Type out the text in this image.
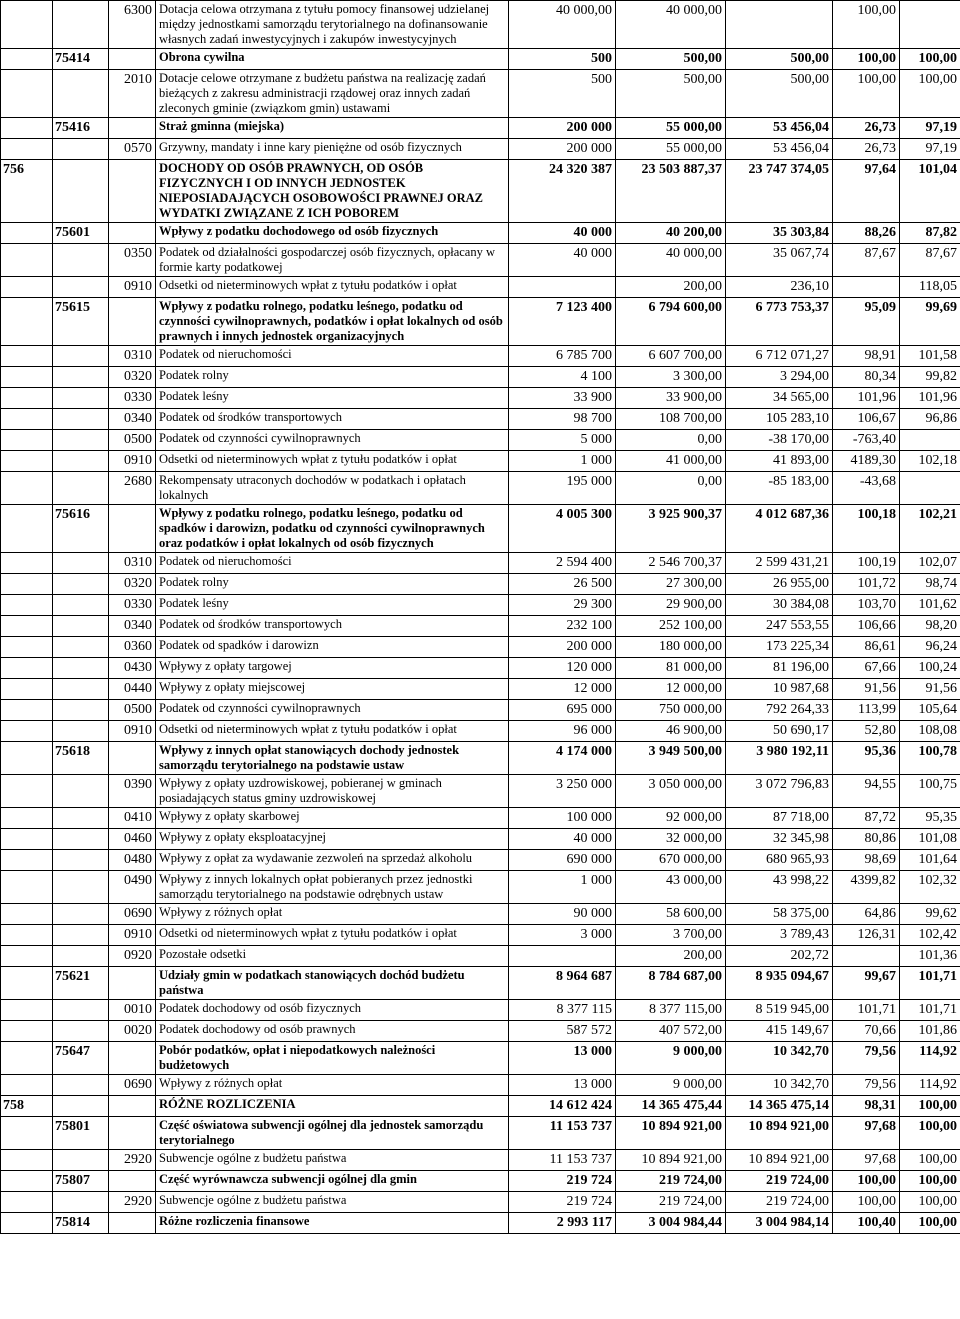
		6300	Dotacja celowa otrzymana z tytułu pomocy finansowej udzielanej między jednostkami samorządu terytorialnego na dofinansowanie własnych zadań inwestycyjnych i zakupów inwestycyjnych	40 000,00	40 000,00		100,00	
	75414		Obrona cywilna	500	500,00	500,00	100,00	100,00
		2010	Dotacje celowe otrzymane z budżetu państwa na realizację zadań bieżących z zakresu administracji rządowej oraz innych zadań zleconych gminie (związkom gmin) ustawami	500	500,00	500,00	100,00	100,00
	75416		Straż gminna (miejska)	200 000	55 000,00	53 456,04	26,73	97,19
		0570	Grzywny, mandaty i inne kary pieniężne od osób fizycznych	200 000	55 000,00	53 456,04	26,73	97,19
756			DOCHODY OD OSÓB PRAWNYCH, OD OSÓB FIZYCZNYCH I OD INNYCH JEDNOSTEK NIEPOSIADAJĄCYCH OSOBOWOŚCI PRAWNEJ ORAZ WYDATKI ZWIĄZANE Z ICH POBOREM	24 320 387	23 503 887,37	23 747 374,05	97,64	101,04
	75601		Wpływy z podatku dochodowego od osób fizycznych	40 000	40 200,00	35 303,84	88,26	87,82
		0350	Podatek od działalności gospodarczej osób fizycznych, opłacany w formie karty podatkowej	40 000	40 000,00	35 067,74	87,67	87,67
		0910	Odsetki od nieterminowych wpłat z tytułu podatków i opłat		200,00	236,10		118,05
	75615		Wpływy z podatku rolnego, podatku leśnego, podatku od czynności cywilnoprawnych, podatków i opłat lokalnych od osób prawnych i innych jednostek organizacyjnych	7 123 400	6 794 600,00	6 773 753,37	95,09	99,69
		0310	Podatek od nieruchomości	6 785 700	6 607 700,00	6 712 071,27	98,91	101,58
		0320	Podatek rolny	4 100	3 300,00	3 294,00	80,34	99,82
		0330	Podatek leśny	33 900	33 900,00	34 565,00	101,96	101,96
		0340	Podatek od środków transportowych	98 700	108 700,00	105 283,10	106,67	96,86
		0500	Podatek od czynności cywilnoprawnych	5 000	0,00	-38 170,00	-763,40	
		0910	Odsetki od nieterminowych wpłat z tytułu podatków i opłat	1 000	41 000,00	41 893,00	4189,30	102,18
		2680	Rekompensaty utraconych dochodów w podatkach i opłatach lokalnych	195 000	0,00	-85 183,00	-43,68	
	75616		Wpływy z podatku rolnego, podatku leśnego, podatku od spadków i darowizn, podatku od czynności cywilnoprawnych oraz podatków i opłat lokalnych od osób fizycznych	4 005 300	3 925 900,37	4 012 687,36	100,18	102,21
		0310	Podatek od nieruchomości	2 594 400	2 546 700,37	2 599 431,21	100,19	102,07
		0320	Podatek rolny	26 500	27 300,00	26 955,00	101,72	98,74
		0330	Podatek leśny	29 300	29 900,00	30 384,08	103,70	101,62
		0340	Podatek od środków transportowych	232 100	252 100,00	247 553,55	106,66	98,20
		0360	Podatek od spadków i darowizn	200 000	180 000,00	173 225,34	86,61	96,24
		0430	Wpływy z opłaty targowej	120 000	81 000,00	81 196,00	67,66	100,24
		0440	Wpływy z opłaty miejscowej	12 000	12 000,00	10 987,68	91,56	91,56
		0500	Podatek od czynności cywilnoprawnych	695 000	750 000,00	792 264,33	113,99	105,64
		0910	Odsetki od nieterminowych wpłat z tytułu podatków i opłat	96 000	46 900,00	50 690,17	52,80	108,08
	75618		Wpływy z innych opłat stanowiących dochody jednostek samorządu terytorialnego na podstawie ustaw	4 174 000	3 949 500,00	3 980 192,11	95,36	100,78
		0390	Wpływy z opłaty uzdrowiskowej, pobieranej w gminach posiadających status gminy uzdrowiskowej	3 250 000	3 050 000,00	3 072 796,83	94,55	100,75
		0410	Wpływy z opłaty skarbowej	100 000	92 000,00	87 718,00	87,72	95,35
		0460	Wpływy z opłaty eksploatacyjnej	40 000	32 000,00	32 345,98	80,86	101,08
		0480	Wpływy z opłat za wydawanie zezwoleń na sprzedaż alkoholu	690 000	670 000,00	680 965,93	98,69	101,64
		0490	Wpływy z innych lokalnych opłat pobieranych przez jednostki samorządu terytorialnego na podstawie odrębnych ustaw	1 000	43 000,00	43 998,22	4399,82	102,32
		0690	Wpływy z różnych opłat	90 000	58 600,00	58 375,00	64,86	99,62
		0910	Odsetki od nieterminowych wpłat z tytułu podatków i opłat	3 000	3 700,00	3 789,43	126,31	102,42
		0920	Pozostałe odsetki		200,00	202,72		101,36
	75621		Udziały gmin w podatkach stanowiących dochód budżetu państwa	8 964 687	8 784 687,00	8 935 094,67	99,67	101,71
		0010	Podatek dochodowy od osób fizycznych	8 377 115	8 377 115,00	8 519 945,00	101,71	101,71
		0020	Podatek dochodowy od osób prawnych	587 572	407 572,00	415 149,67	70,66	101,86
	75647		Pobór podatków, opłat i niepodatkowych należności budżetowych	13 000	9 000,00	10 342,70	79,56	114,92
		0690	Wpływy z różnych opłat	13 000	9 000,00	10 342,70	79,56	114,92
758			RÓŻNE ROZLICZENIA	14 612 424	14 365 475,44	14 365 475,14	98,31	100,00
	75801		Część oświatowa subwencji ogólnej dla jednostek samorządu terytorialnego	11 153 737	10 894 921,00	10 894 921,00	97,68	100,00
		2920	Subwencje ogólne z budżetu państwa	11 153 737	10 894 921,00	10 894 921,00	97,68	100,00
	75807		Część wyrównawcza subwencji ogólnej dla gmin	219 724	219 724,00	219 724,00	100,00	100,00
		2920	Subwencje ogólne z budżetu państwa	219 724	219 724,00	219 724,00	100,00	100,00
	75814		Różne rozliczenia finansowe	2 993 117	3 004 984,44	3 004 984,14	100,40	100,00
